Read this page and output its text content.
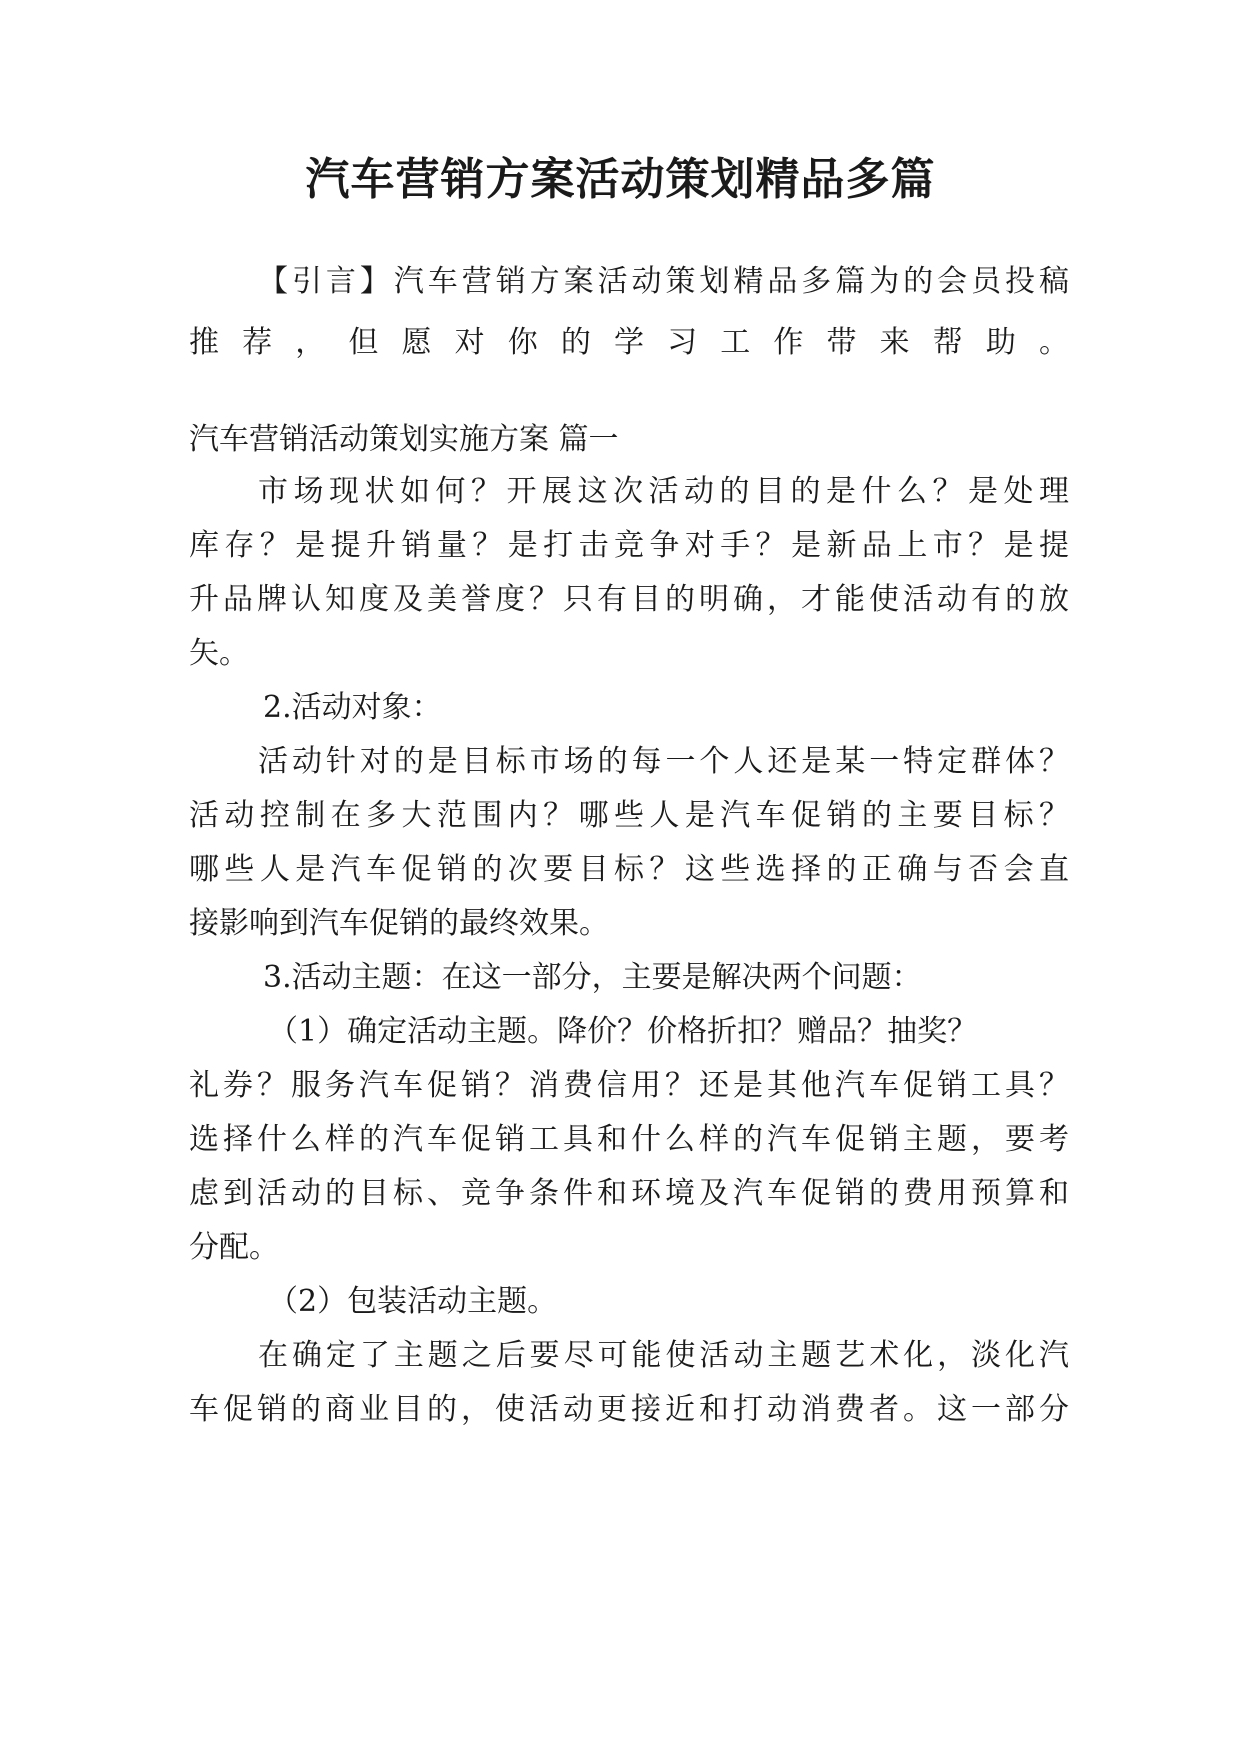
汽车营销方案活动策划精品多篇

【引言】汽车营销方案活动策划精品多篇为的会员投稿

推荐，但愿对你的学习工作带来帮助。

汽车营销活动策划实施方案 篇一

市场现状如何？开展这次活动的目的是什么？是处理

库存？是提升销量？是打击竞争对手？是新品上市？是提

升品牌认知度及美誉度？只有目的明确，才能使活动有的放

矢。

2.活动对象：

活动针对的是目标市场的每一个人还是某一特定群体？

活动控制在多大范围内？哪些人是汽车促销的主要目标？

哪些人是汽车促销的次要目标？这些选择的正确与否会直

接影响到汽车促销的最终效果。

3.活动主题：在这一部分，主要是解决两个问题：

（1）确定活动主题。降价？价格折扣？赠品？抽奖？

礼券？服务汽车促销？消费信用？还是其他汽车促销工具？

选择什么样的汽车促销工具和什么样的汽车促销主题，要考

虑到活动的目标、竞争条件和环境及汽车促销的费用预算和

分配。

（2）包装活动主题。

在确定了主题之后要尽可能使活动主题艺术化，淡化汽

车促销的商业目的，使活动更接近和打动消费者。这一部分
